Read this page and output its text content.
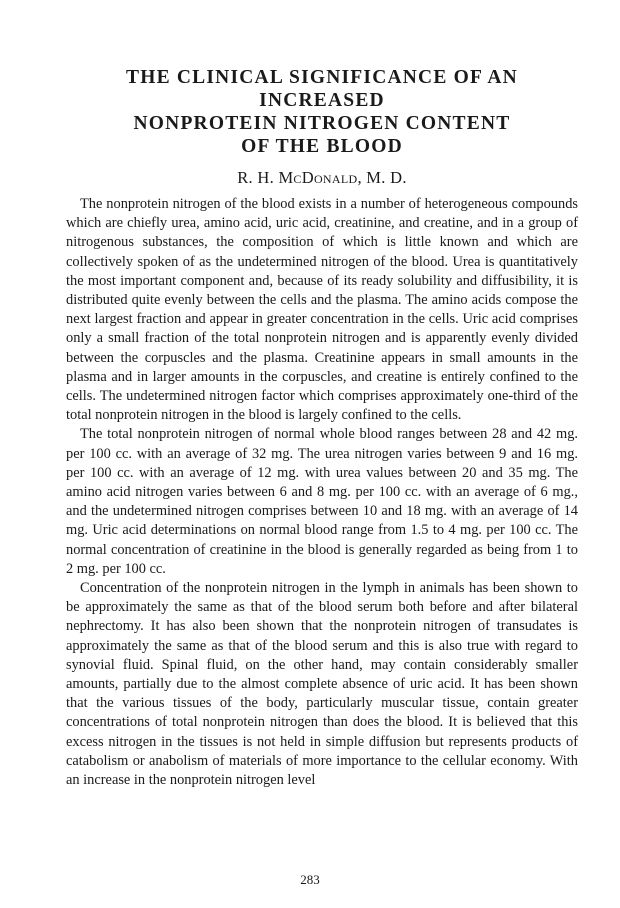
THE CLINICAL SIGNIFICANCE OF AN INCREASED
NONPROTEIN NITROGEN CONTENT
OF THE BLOOD
R. H. McDonald, M. D.

The nonprotein nitrogen of the blood exists in a number of heterogeneous compounds which are chiefly urea, amino acid, uric acid, creatinine, and creatine, and in a group of nitrogenous substances, the composition of which is little known and which are collectively spoken of as the undetermined nitrogen of the blood. Urea is quantitatively the most important component and, because of its ready solubility and diffusibility, it is distributed quite evenly between the cells and the plasma. The amino acids compose the next largest fraction and appear in greater concentration in the cells. Uric acid comprises only a small fraction of the total nonprotein nitrogen and is apparently evenly divided between the corpuscles and the plasma. Creatinine appears in small amounts in the plasma and in larger amounts in the corpuscles, and creatine is entirely confined to the cells. The undetermined nitrogen factor which comprises approximately one-third of the total nonprotein nitrogen in the blood is largely confined to the cells.

The total nonprotein nitrogen of normal whole blood ranges between 28 and 42 mg. per 100 cc. with an average of 32 mg. The urea nitrogen varies between 9 and 16 mg. per 100 cc. with an average of 12 mg. with urea values between 20 and 35 mg. The amino acid nitrogen varies between 6 and 8 mg. per 100 cc. with an average of 6 mg., and the undetermined nitrogen comprises between 10 and 18 mg. with an average of 14 mg. Uric acid determinations on normal blood range from 1.5 to 4 mg. per 100 cc. The normal concentration of creatinine in the blood is generally regarded as being from 1 to 2 mg. per 100 cc.

Concentration of the nonprotein nitrogen in the lymph in animals has been shown to be approximately the same as that of the blood serum both before and after bilateral nephrectomy. It has also been shown that the nonprotein nitrogen of transudates is approximately the same as that of the blood serum and this is also true with regard to synovial fluid. Spinal fluid, on the other hand, may contain considerably smaller amounts, partially due to the almost complete absence of uric acid. It has been shown that the various tissues of the body, particularly muscular tissue, contain greater concentrations of total nonprotein nitrogen than does the blood. It is believed that this excess nitrogen in the tissues is not held in simple diffusion but represents products of catabolism or anabolism of materials of more importance to the cellular economy. With an increase in the nonprotein nitrogen level

283
